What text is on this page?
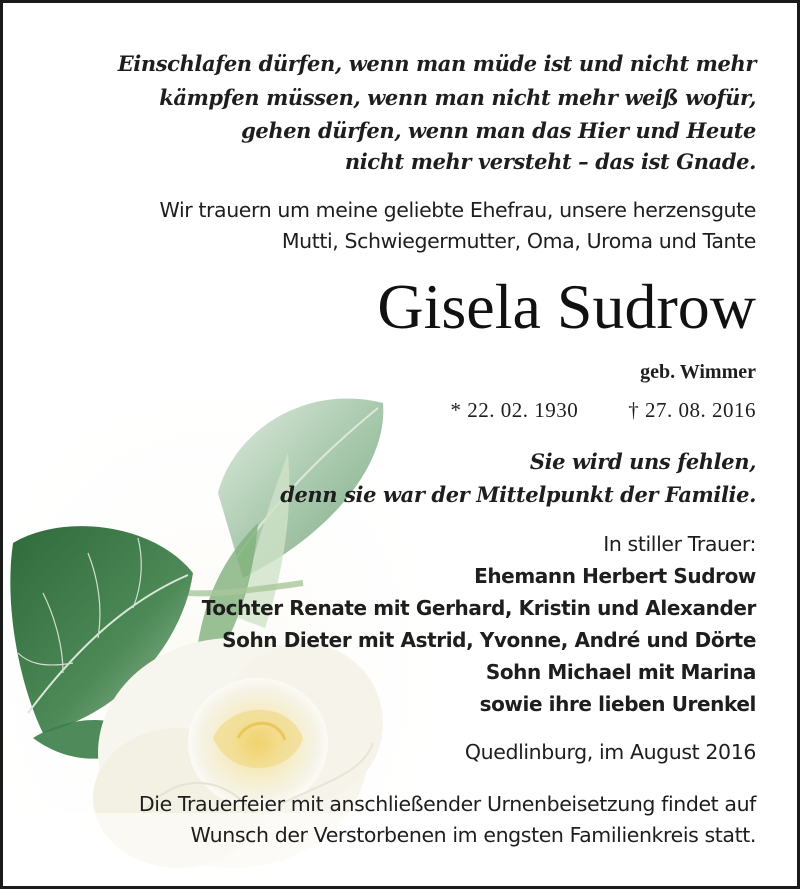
Einschlafen dürfen, wenn man müde ist und nicht mehr
kämpfen müssen, wenn man nicht mehr weiß wofür,
gehen dürfen, wenn man das Hier und Heute
nicht mehr versteht – das ist Gnade.
Wir trauern um meine geliebte Ehefrau, unsere herzensgute
Mutti, Schwiegermutter, Oma, Uroma und Tante
Gisela Sudrow
geb. Wimmer
* 22. 02. 1930 † 27. 08. 2016
Sie wird uns fehlen,
denn sie war der Mittelpunkt der Familie.
In stiller Trauer:
Ehemann Herbert Sudrow
Tochter Renate mit Gerhard, Kristin und Alexander
Sohn Dieter mit Astrid, Yvonne, André und Dörte
Sohn Michael mit Marina
sowie ihre lieben Urenkel
Quedlinburg, im August 2016
Die Trauerfeier mit anschließender Urnenbeisetzung findet auf
Wunsch der Verstorbenen im engsten Familienkreis statt.
